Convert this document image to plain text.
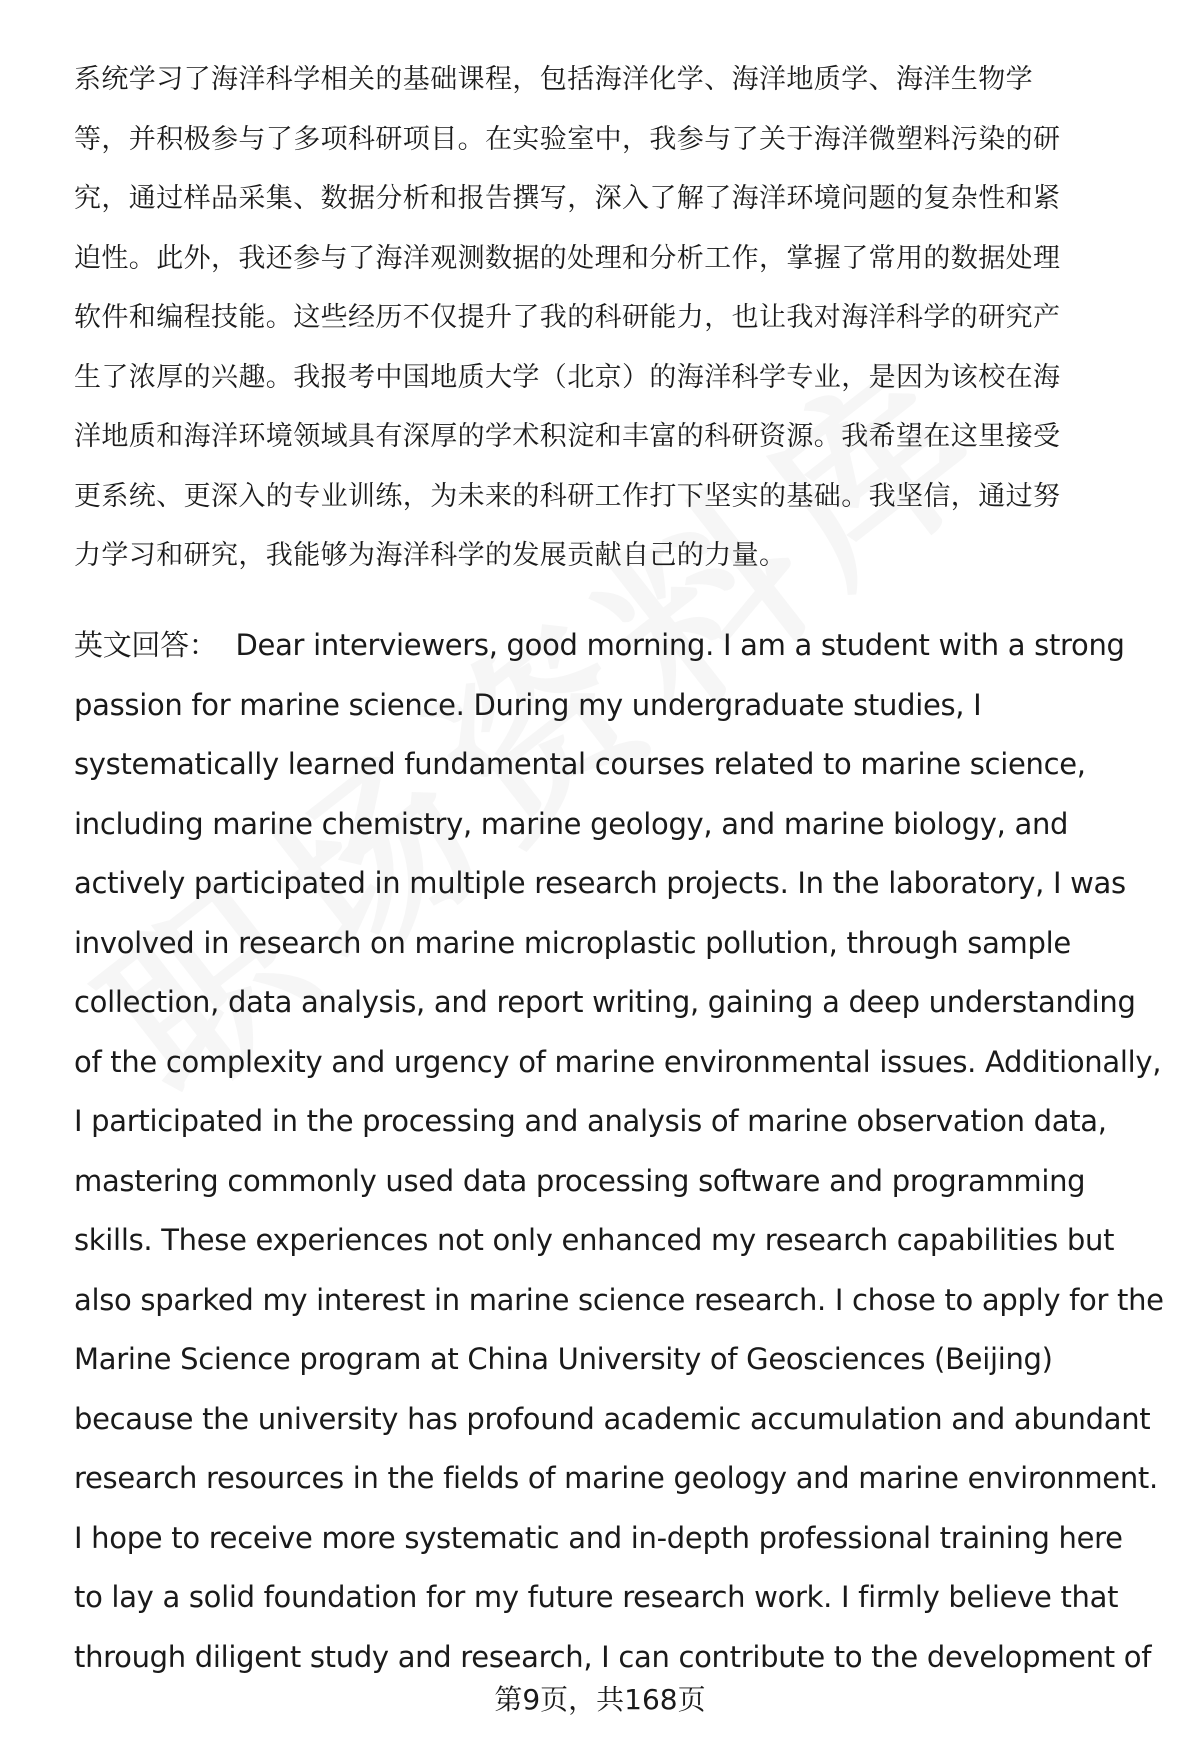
系统学习了海洋科学相关的基础课程，包括海洋化学、海洋地质学、海洋生物学
等，并积极参与了多项科研项目。在实验室中，我参与了关于海洋微塑料污染的研
究，通过样品采集、数据分析和报告撰写，深入了解了海洋环境问题的复杂性和紧
迫性。此外，我还参与了海洋观测数据的处理和分析工作，掌握了常用的数据处理
软件和编程技能。这些经历不仅提升了我的科研能力，也让我对海洋科学的研究产
生了浓厚的兴趣。我报考中国地质大学（北京）的海洋科学专业，是因为该校在海
洋地质和海洋环境领域具有深厚的学术积淀和丰富的科研资源。我希望在这里接受
更系统、更深入的专业训练，为未来的科研工作打下坚实的基础。我坚信，通过努
力学习和研究，我能够为海洋科学的发展贡献自己的力量。
英文回答： Dear interviewers, good morning. I am a student with a strong
passion for marine science. During my undergraduate studies, I
systematically learned fundamental courses related to marine science,
including marine chemistry, marine geology, and marine biology, and
actively participated in multiple research projects. In the laboratory, I was
involved in research on marine microplastic pollution, through sample
collection, data analysis, and report writing, gaining a deep understanding
of the complexity and urgency of marine environmental issues. Additionally,
I participated in the processing and analysis of marine observation data,
mastering commonly used data processing software and programming
skills. These experiences not only enhanced my research capabilities but
also sparked my interest in marine science research. I chose to apply for the
Marine Science program at China University of Geosciences (Beijing)
because the university has profound academic accumulation and abundant
research resources in the fields of marine geology and marine environment.
I hope to receive more systematic and in-depth professional training here
to lay a solid foundation for my future research work. I firmly believe that
through diligent study and research, I can contribute to the development of
第9页，共168页
